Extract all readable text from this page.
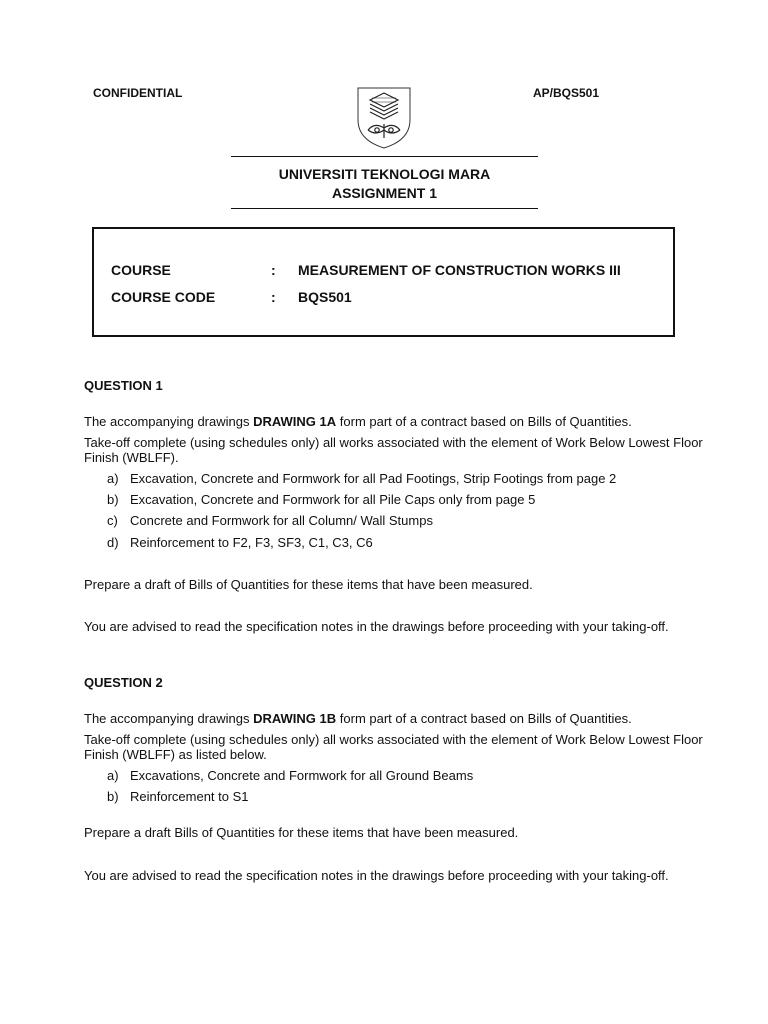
CONFIDENTIAL	AP/BQS501
UNIVERSITI TEKNOLOGI MARA
ASSIGNMENT 1
COURSE	: MEASUREMENT OF CONSTRUCTION WORKS III
COURSE CODE	: BQS501
QUESTION 1
The accompanying drawings DRAWING 1A form part of a contract based on Bills of Quantities.
Take-off complete (using schedules only) all works associated with the element of Work Below Lowest Floor Finish (WBLFF).
a) Excavation, Concrete and Formwork for all Pad Footings, Strip Footings from page 2
b) Excavation, Concrete and Formwork for all Pile Caps only from page 5
c) Concrete and Formwork for all Column/ Wall Stumps
d) Reinforcement to F2, F3, SF3, C1, C3, C6
Prepare a draft of Bills of Quantities for these items that have been measured.
You are advised to read the specification notes in the drawings before proceeding with your taking-off.
QUESTION 2
The accompanying drawings DRAWING 1B form part of a contract based on Bills of Quantities.
Take-off complete (using schedules only) all works associated with the element of Work Below Lowest Floor Finish (WBLFF) as listed below.
a) Excavations, Concrete and Formwork for all Ground Beams
b) Reinforcement to S1
Prepare a draft Bills of Quantities for these items that have been measured.
You are advised to read the specification notes in the drawings before proceeding with your taking-off.
